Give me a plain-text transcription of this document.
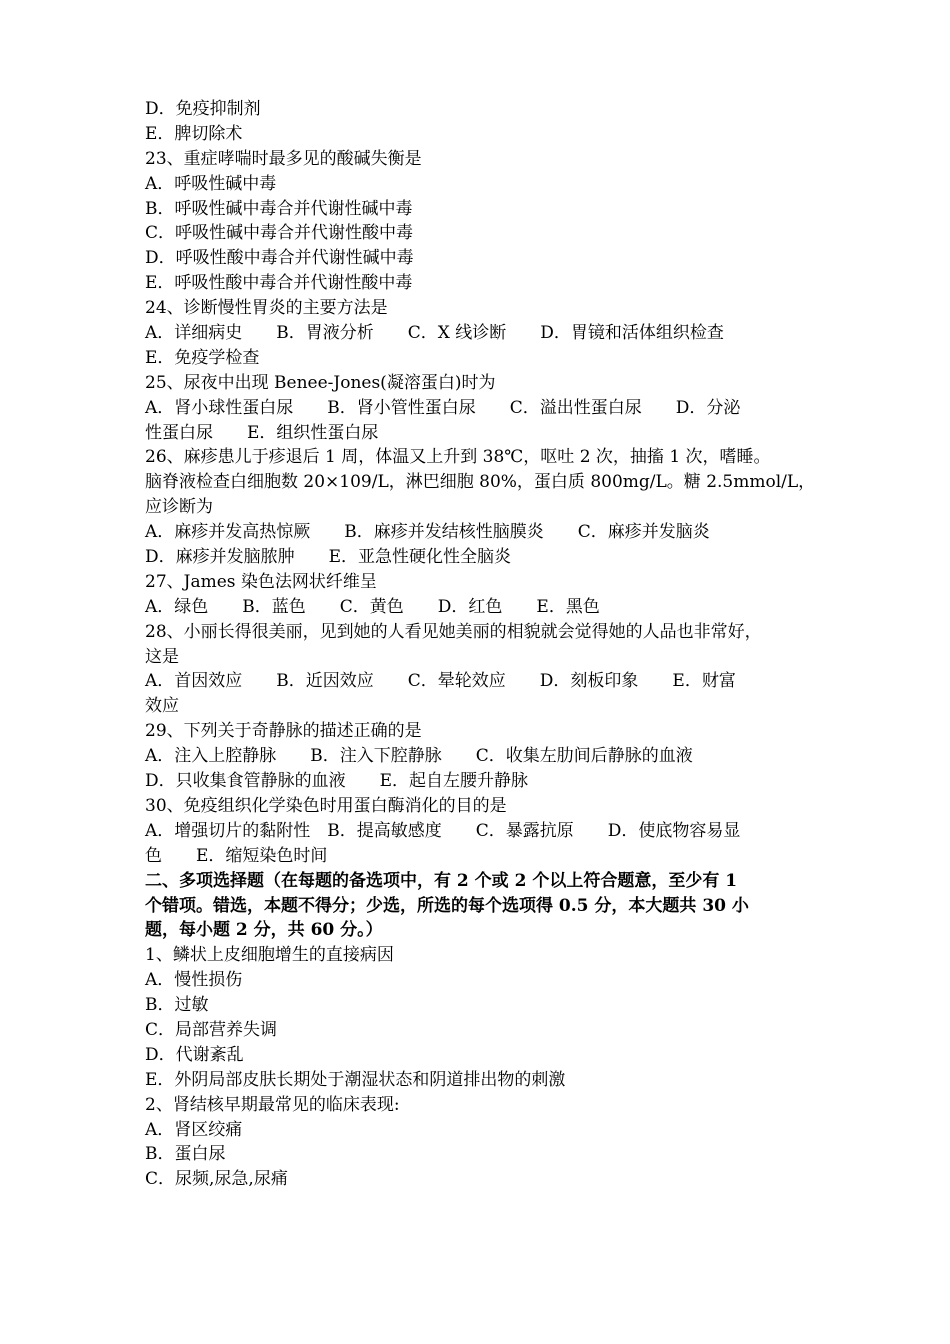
D．免疫抑制剂
E．脾切除术
23、重症哮喘时最多见的酸碱失衡是
A．呼吸性碱中毒
B．呼吸性碱中毒合并代谢性碱中毒
C．呼吸性碱中毒合并代谢性酸中毒
D．呼吸性酸中毒合并代谢性碱中毒
E．呼吸性酸中毒合并代谢性酸中毒
24、诊断慢性胃炎的主要方法是
A．详细病史　　B．胃液分析　　C．X 线诊断　　D．胃镜和活体组织检查
E．免疫学检查
25、尿夜中出现 Benee-Jones(凝溶蛋白)时为
A．肾小球性蛋白尿　　B．肾小管性蛋白尿　　C．溢出性蛋白尿　　D．分泌
性蛋白尿　　E．组织性蛋白尿
26、麻疹患儿于疹退后 1 周，体温又上升到 38℃，呕吐 2 次，抽搐 1 次，嗜睡。
脑脊液检查白细胞数 20×109/L，淋巴细胞 80%，蛋白质 800mg/L。糖 2.5mmol/L，
应诊断为
A．麻疹并发高热惊厥　　B．麻疹并发结核性脑膜炎　　C．麻疹并发脑炎
D．麻疹并发脑脓肿　　E．亚急性硬化性全脑炎
27、James 染色法网状纤维呈
A．绿色　　B．蓝色　　C．黄色　　D．红色　　E．黑色
28、小丽长得很美丽，见到她的人看见她美丽的相貌就会觉得她的人品也非常好，
这是
A．首因效应　　B．近因效应　　C．晕轮效应　　D．刻板印象　　E．财富
效应
29、下列关于奇静脉的描述正确的是
A．注入上腔静脉　　B．注入下腔静脉　　C．收集左肋间后静脉的血液
D．只收集食管静脉的血液　　E．起自左腰升静脉
30、免疫组织化学染色时用蛋白酶消化的目的是
A．增强切片的黏附性　B．提高敏感度　　C．暴露抗原　　D．使底物容易显
色　　E．缩短染色时间
二、多项选择题（在每题的备选项中，有 2 个或 2 个以上符合题意，至少有 1
个错项。错选，本题不得分；少选，所选的每个选项得 0.5 分，本大题共 30 小
题，每小题 2 分，共 60 分。）
1、鳞状上皮细胞增生的直接病因
A．慢性损伤
B．过敏
C．局部营养失调
D．代谢紊乱
E．外阴局部皮肤长期处于潮湿状态和阴道排出物的刺激
2、肾结核早期最常见的临床表现:
A．肾区绞痛
B．蛋白尿
C．尿频,尿急,尿痛
